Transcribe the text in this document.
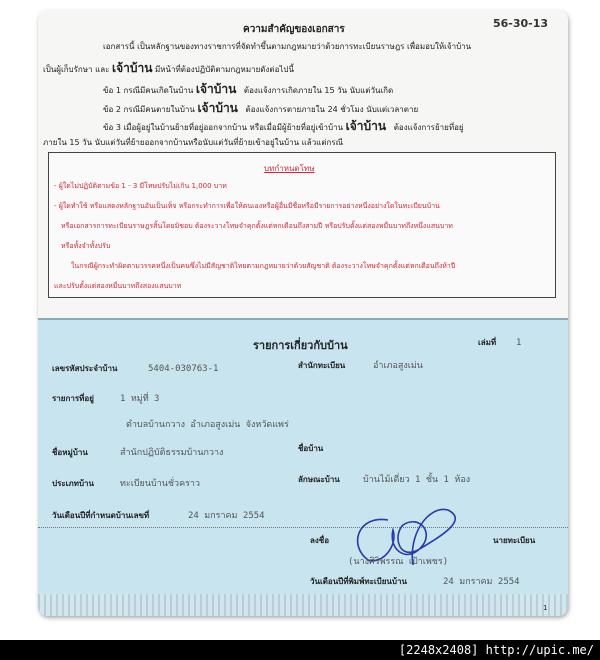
56-30-13
ความสำคัญของเอกสาร
เอกสารนี้ เป็นหลักฐานของทางราชการที่จัดทำขึ้นตามกฎหมายว่าด้วยการทะเบียนราษฎร เพื่อมอบให้เจ้าบ้าน
เป็นผู้เก็บรักษา และ เจ้าบ้าน มีหน้าที่ต้องปฏิบัติตามกฎหมายดังต่อไปนี้
ข้อ 1 กรณีมีคนเกิดในบ้าน เจ้าบ้าน ต้องแจ้งการเกิดภายใน 15 วัน นับแต่วันเกิด
ข้อ 2 กรณีมีคนตายในบ้าน เจ้าบ้าน ต้องแจ้งการตายภายใน 24 ชั่วโมง นับแต่เวลาตาย
ข้อ 3 เมื่อผู้อยู่ในบ้านย้ายที่อยู่ออกจากบ้าน หรือเมื่อมีผู้ย้ายที่อยู่เข้าบ้าน เจ้าบ้าน ต้องแจ้งการย้ายที่อยู่
ภายใน 15 วัน นับแต่วันที่ย้ายออกจากบ้านหรือนับแต่วันที่ย้ายเข้าอยู่ในบ้าน แล้วแต่กรณี
บทกำหนดโทษ
- ผู้ใดไม่ปฏิบัติตามข้อ 1 - 3 มีโทษปรับไม่เกิน 1,000 บาท
- ผู้ใดทำใช้ หรือแสดงหลักฐานอันเป็นเท็จ หรือกระทำการเพื่อให้ตนเองหรือผู้อื่นมีชื่อหรือมีรายการอย่างหนึ่งอย่างใดในทะเบียนบ้าน
หรือเอกสารการทะเบียนราษฎรสิ้นโดยมิชอบ ต้องระวางโทษจำคุกตั้งแต่หกเดือนถึงสามปี หรือปรับตั้งแต่สองหมื่นบาทถึงหนึ่งแสนบาท
หรือทั้งจำทั้งปรับ
ในกรณีผู้กระทำผิดตามวรรคหนึ่งเป็นคนซึ่งไม่มีสัญชาติไทยตามกฎหมายว่าด้วยสัญชาติ ต้องระวางโทษจำคุกตั้งแต่หกเดือนถึงห้าปี
และปรับตั้งแต่สองหมื่นบาทถึงสองแสนบาท
รายการเกี่ยวกับบ้าน	เล่มที่ 1
เลขรหัสประจำบ้าน	5404-030763-1	สำนักทะเบียน	อำเภอสูงเม่น
รายการที่อยู่	1 หมู่ที่ 3
ตำบลบ้านกวาง อำเภอสูงเม่น จังหวัดแพร่
ชื่อหมู่บ้าน	สำนักปฏิบัติธรรมบ้านกวาง	ชื่อบ้าน
ประเภทบ้าน	ทะเบียนบ้านชั่วคราว	ลักษณะบ้าน	บ้านไม้เดี่ยว 1 ชั้น 1 ห้อง
วันเดือนปีที่กำหนดบ้านเลขที่	24 มกราคม 2554
ลงชื่อ	นายทะเบียน
(นางศิริพรรณ เป้าเพชร)
วันเดือนปีที่พิมพ์ทะเบียนบ้าน	24 มกราคม 2554
1
[2248x2408] http://upic.me/
